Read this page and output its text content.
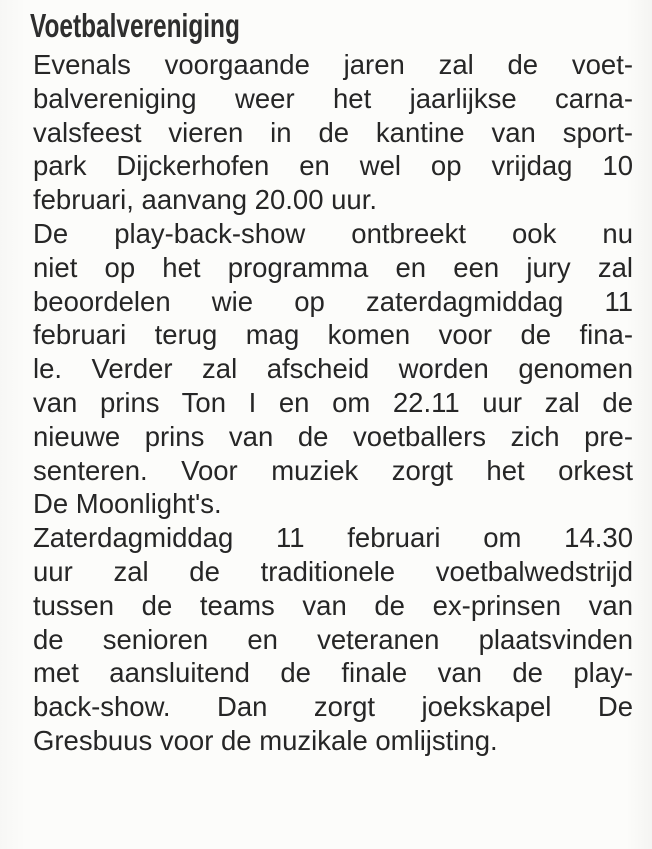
Voetbalvereniging
Evenals voorgaande jaren zal de voet-
balvereniging weer het jaarlijkse carna-
valsfeest vieren in de kantine van sport-
park Dijckerhofen en wel op vrijdag 10
februari, aanvang 20.00 uur.
De play-back-show ontbreekt ook nu
niet op het programma en een jury zal
beoordelen wie op zaterdagmiddag 11
februari terug mag komen voor de fina-
le. Verder zal afscheid worden genomen
van prins Ton I en om 22.11 uur zal de
nieuwe prins van de voetballers zich pre-
senteren. Voor muziek zorgt het orkest
De Moonlight's.
Zaterdagmiddag 11 februari om 14.30
uur zal de traditionele voetbalwedstrijd
tussen de teams van de ex-prinsen van
de senioren en veteranen plaatsvinden
met aansluitend de finale van de play-
back-show. Dan zorgt joekskapel De
Gresbuus voor de muzikale omlijsting.
